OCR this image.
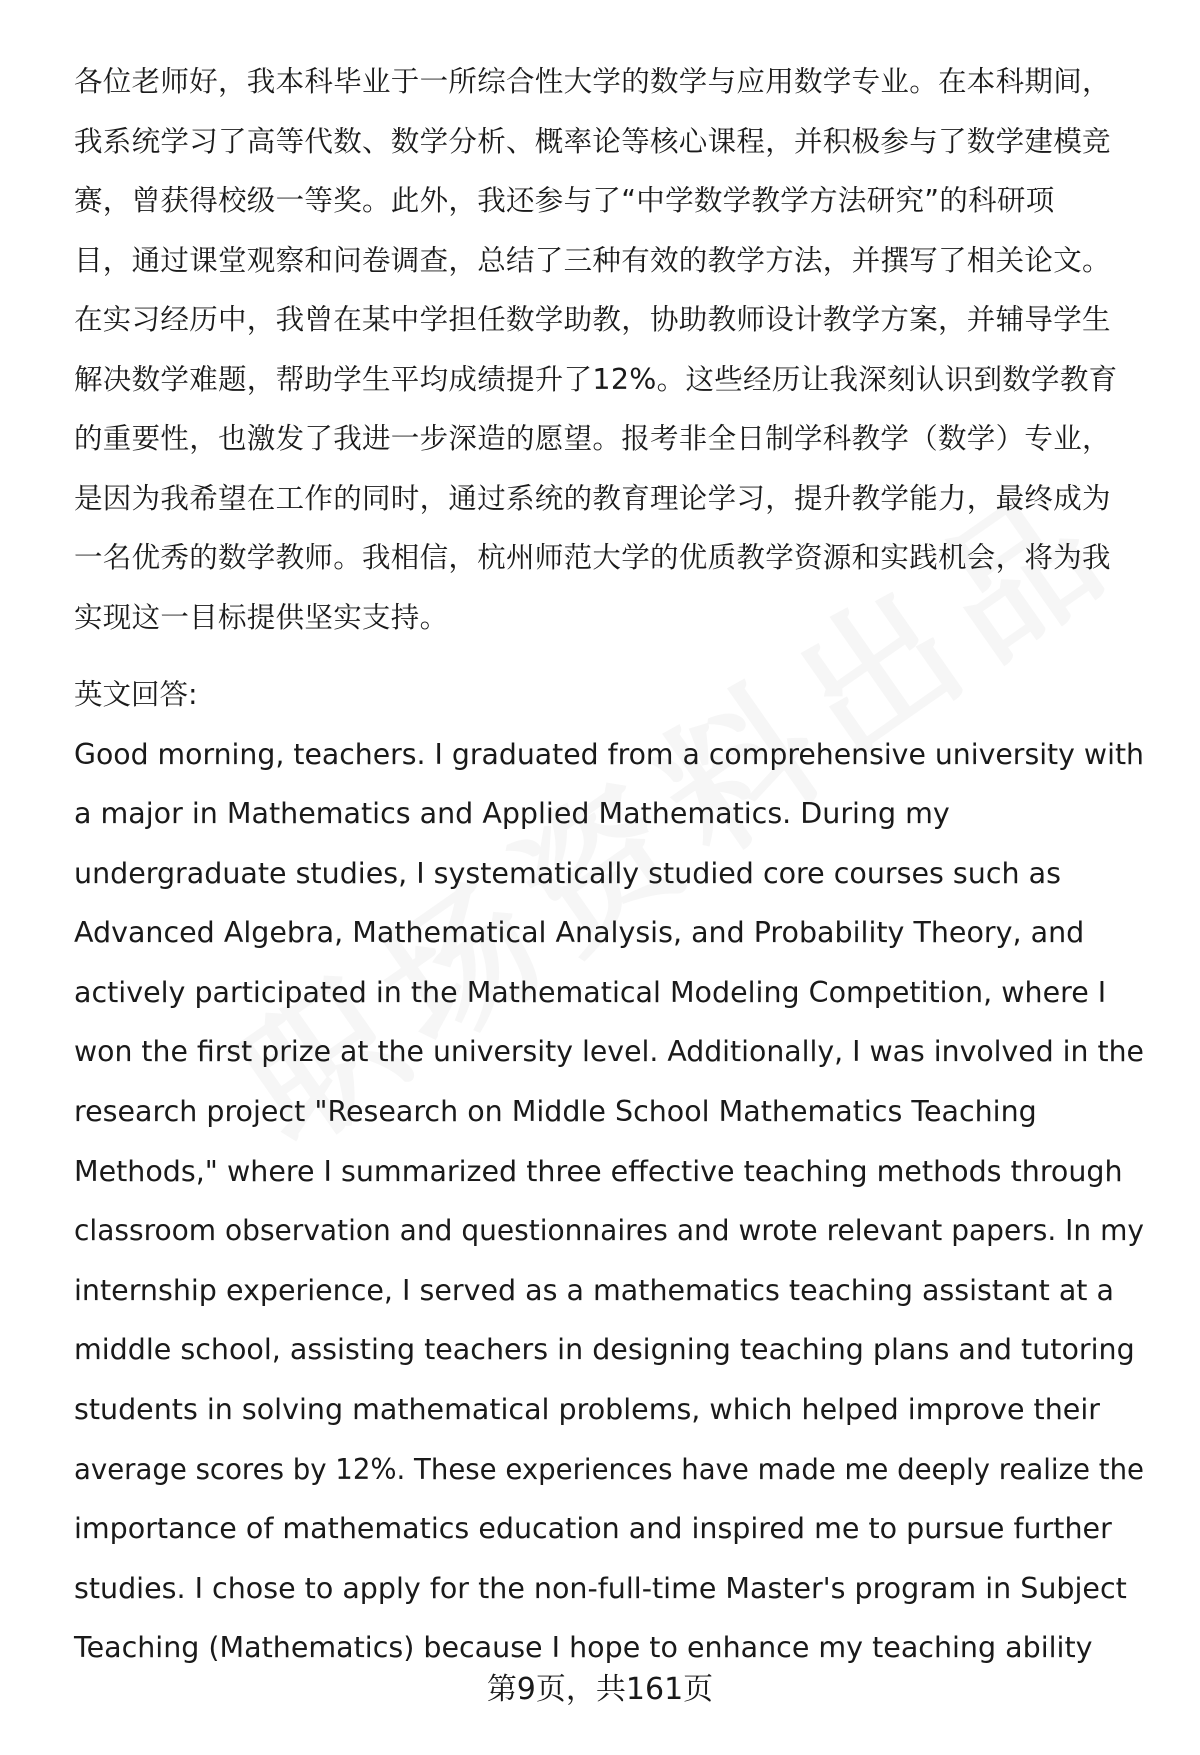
各位老师好，我本科毕业于一所综合性大学的数学与应用数学专业。在本科期间，
我系统学习了高等代数、数学分析、概率论等核心课程，并积极参与了数学建模竞
赛，曾获得校级一等奖。此外，我还参与了“中学数学教学方法研究”的科研项
目，通过课堂观察和问卷调查，总结了三种有效的教学方法，并撰写了相关论文。
在实习经历中，我曾在某中学担任数学助教，协助教师设计教学方案，并辅导学生
解决数学难题，帮助学生平均成绩提升了12%。这些经历让我深刻认识到数学教育
的重要性，也激发了我进一步深造的愿望。报考非全日制学科教学（数学）专业，
是因为我希望在工作的同时，通过系统的教育理论学习，提升教学能力，最终成为
一名优秀的数学教师。我相信，杭州师范大学的优质教学资源和实践机会，将为我
实现这一目标提供坚实支持。
英文回答:
Good morning, teachers. I graduated from a comprehensive university with
a major in Mathematics and Applied Mathematics. During my
undergraduate studies, I systematically studied core courses such as
Advanced Algebra, Mathematical Analysis, and Probability Theory, and
actively participated in the Mathematical Modeling Competition, where I
won the first prize at the university level. Additionally, I was involved in the
research project "Research on Middle School Mathematics Teaching
Methods," where I summarized three effective teaching methods through
classroom observation and questionnaires and wrote relevant papers. In my
internship experience, I served as a mathematics teaching assistant at a
middle school, assisting teachers in designing teaching plans and tutoring
students in solving mathematical problems, which helped improve their
average scores by 12%. These experiences have made me deeply realize the
importance of mathematics education and inspired me to pursue further
studies. I chose to apply for the non-full-time Master's program in Subject
Teaching (Mathematics) because I hope to enhance my teaching ability
第9页，共161页
